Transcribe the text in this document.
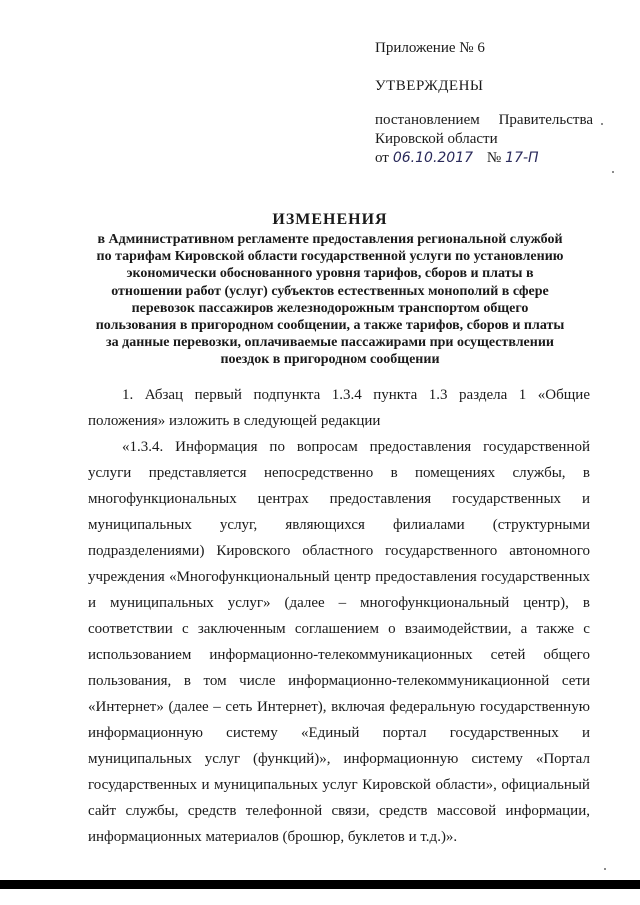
Приложение № 6
УТВЕРЖДЕНЫ
постановлением Правительства
Кировской области
от 06.10.2017 № 17-П
ИЗМЕНЕНИЯ
в Административном регламенте предоставления региональной службой
по тарифам Кировской области государственной услуги по установлению
экономически обоснованного уровня тарифов, сборов и платы в
отношении работ (услуг) субъектов естественных монополий в сфере
перевозок пассажиров железнодорожным транспортом общего
пользования в пригородном сообщении, а также тарифов, сборов и платы
за данные перевозки, оплачиваемые пассажирами при осуществлении
поездок в пригородном сообщении
1. Абзац первый подпункта 1.3.4 пункта 1.3 раздела 1 «Общие
положения» изложить в следующей редакции
«1.3.4. Информация по вопросам предоставления государственной
услуги представляется непосредственно в помещениях службы, в
многофункциональных центрах предоставления государственных и
муниципальных услуг, являющихся филиалами (структурными
подразделениями) Кировского областного государственного автономного
учреждения «Многофункциональный центр предоставления государственных
и муниципальных услуг» (далее – многофункциональный центр), в
соответствии с заключенным соглашением о взаимодействии, а также с
использованием информационно-телекоммуникационных сетей общего
пользования, в том числе информационно-телекоммуникационной сети
«Интернет» (далее – сеть Интернет), включая федеральную государственную
информационную систему «Единый портал государственных и
муниципальных услуг (функций)», информационную систему «Портал
государственных и муниципальных услуг Кировской области», официальный
сайт службы, средств телефонной связи, средств массовой информации,
информационных материалов (брошюр, буклетов и т.д.)».
